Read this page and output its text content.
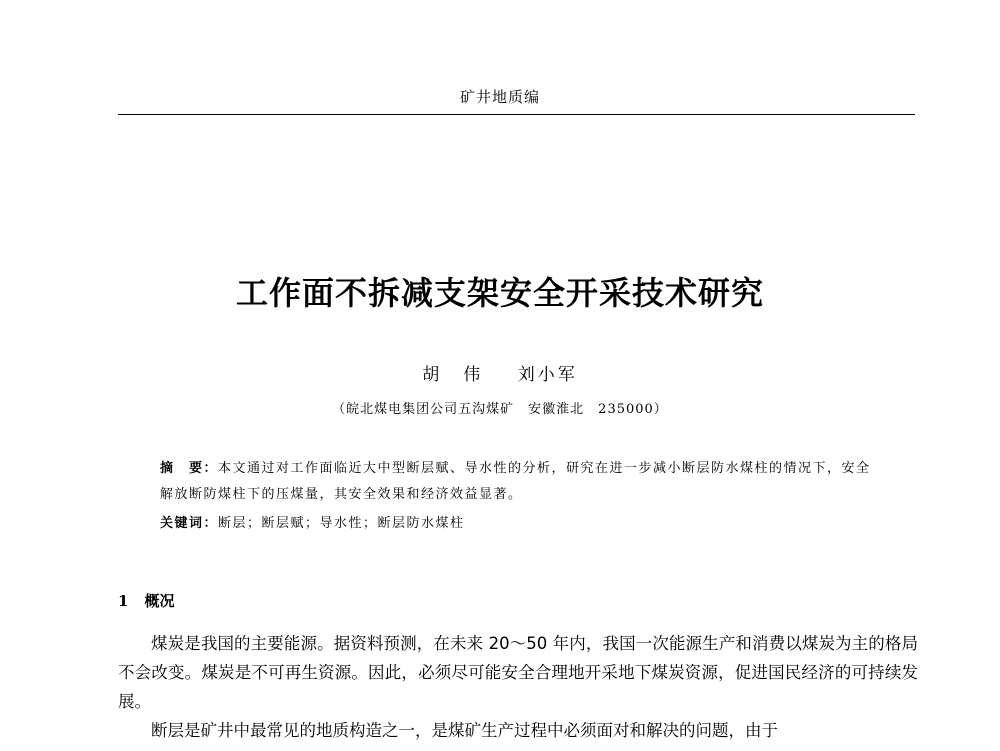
矿井地质编
工作面不拆减支架安全开采技术研究
胡伟 刘小军
（皖北煤电集团公司五沟煤矿　安徽淮北　235000）
摘　要：本文通过对工作面临近大中型断层赋、导水性的分析，研究在进一步减小断层防水煤柱的情况下，安全解放断防煤柱下的压煤量，其安全效果和经济效益显著。
关键词：断层；断层赋；导水性；断层防水煤柱
1 概况

煤炭是我国的主要能源。据资料预测，在未来 20～50 年内，我国一次能源生产和消费以煤炭为主的格局不会改变。煤炭是不可再生资源。因此，必须尽可能安全合理地开采地下煤炭资源，促进国民经济的可持续发展。

断层是矿井中最常见的地质构造之一，是煤矿生产过程中必须面对和解决的问题，由于
